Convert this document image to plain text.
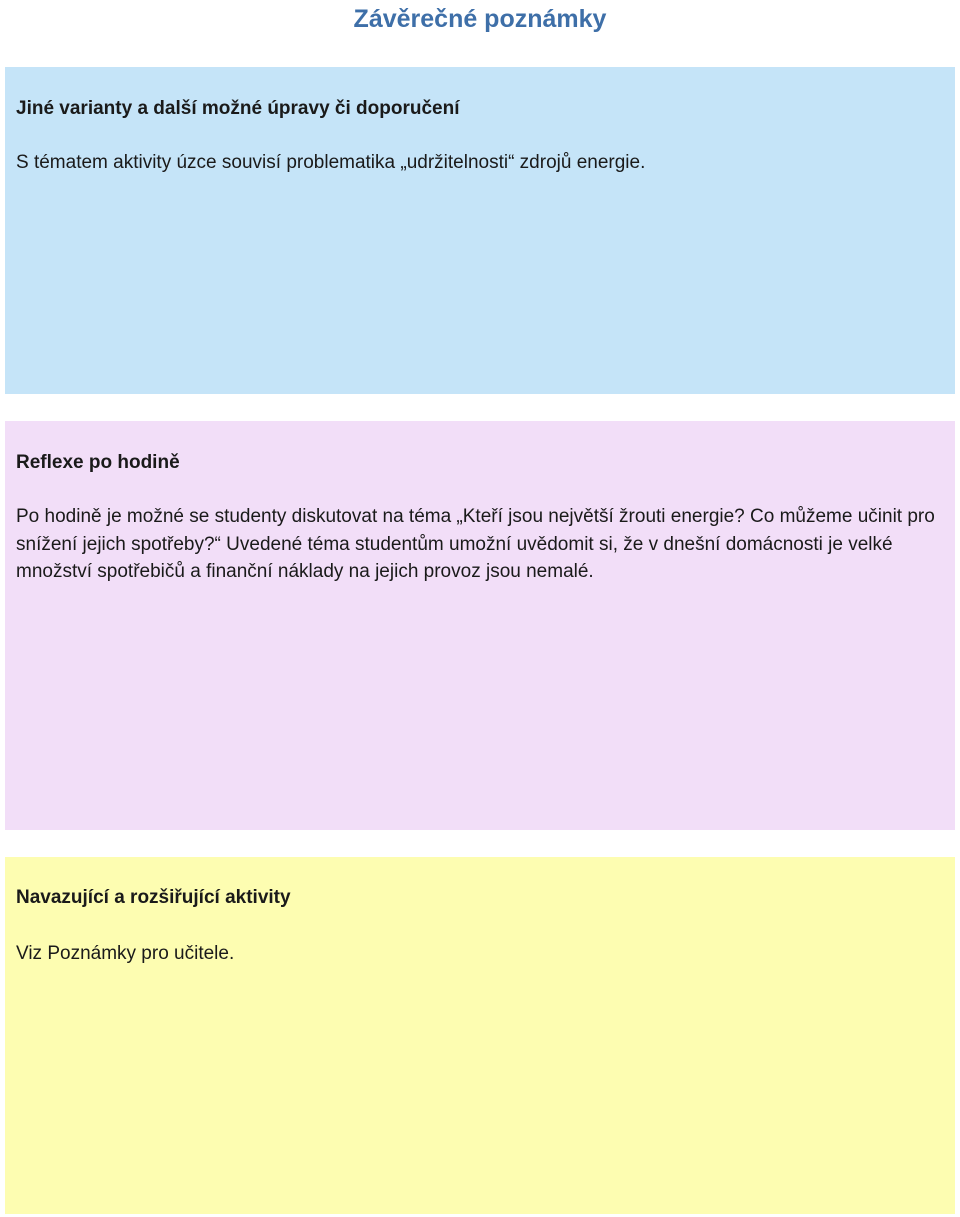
Závěrečné poznámky
Jiné varianty a další možné úpravy či doporučení
S tématem aktivity úzce souvisí problematika „udržitelnosti“ zdrojů energie.
Reflexe po hodině
Po hodině je možné se studenty diskutovat na téma „Kteří jsou největší žrouti energie? Co můžeme učinit pro snížení jejich spotřeby?“ Uvedené téma studentům umožní uvědomit si, že v dnešní domácnosti je velké množství spotřebičů a finanční náklady na jejich provoz jsou nemalé.
Navazující a rozšiřující aktivity
Viz Poznámky pro učitele.
